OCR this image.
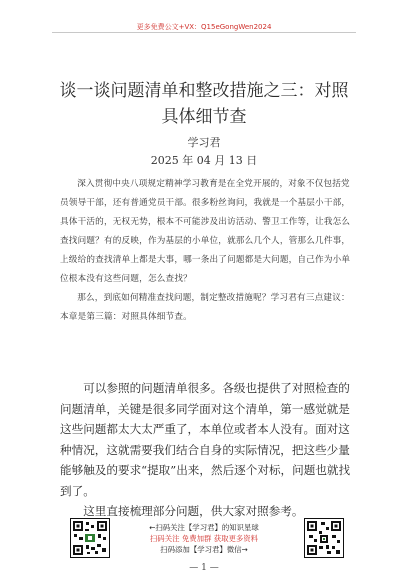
更多免费公文+VX：Q15eGongWen2024
谈一谈问题清单和整改措施之三：对照具体细节查
学习君
2025 年 04 月 13 日

深入贯彻中央八项规定精神学习教育是在全党开展的，对象不仅包括党员领导干部，还有普通党员干部。很多粉丝询问，我就是一个基层小干部，具体干活的，无权无势，根本不可能涉及出访活动、警卫工作等，让我怎么查找问题？有的反映，作为基层的小单位，就那么几个人，管那么几件事，上级给的查找清单上都是大事，哪一条出了问题都是大问题，自己作为小单位根本没有这些问题，怎么查找？

那么，到底如何精准查找问题，制定整改措施呢？学习君有三点建议：本章是第三篇：对照具体细节查。

可以参照的问题清单很多。各级也提供了对照检查的问题清单，关键是很多同学面对这个清单，第一感觉就是这些问题都太大太严重了，本单位或者本人没有。面对这种情况，这就需要我们结合自身的实际情况，把这些少量能够触及的要求“提取”出来，然后逐个对标，问题也就找到了。

这里直接梳理部分问题，供大家对照参考。

←扫码关注【学习君】的知识星球
扫码关注 免费加群 获取更多资料
扫码添加【学习君】微信→
— 1 —
